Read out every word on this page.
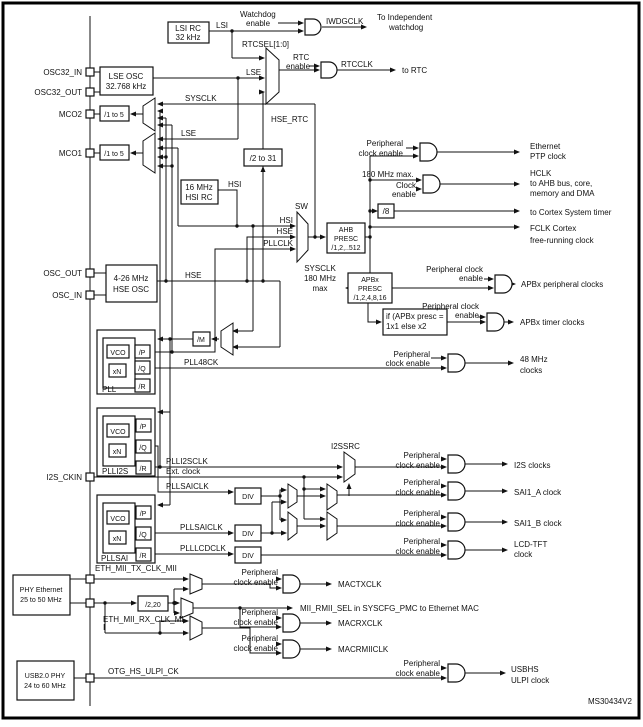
LSI RC
32 kHz
LSE OSC
32.768 kHz
/1 to 5
/1 to 5
16 MHz
HSI RC
4-26 MHz
HSE OSC
/2 to 31
AHB
PRESC
/1,2,..512
APBx
PRESC
/1,2,4,8,16
if (APBx presc =
1x1 else x2
/8
/M
/2,20
DIV
DIV
DIV
VCO
xN
/P
/Q
/R
PLL
VCO
xN
/P
/Q
/R
PLLI2S
VCO
xN
/P
/Q
/R
PLLSAI
PHY Ethernet
25 to 50 MHz
USB2.0 PHY
24 to 60 MHz
OSC32_IN
OSC32_OUT
MCO2
MCO1
OSC_OUT
OSC_IN
I2S_CKIN
LSI
Watchdog
enable	IWDGCLK To Independent
watchdog
RTCSEL[1:0]
LSE
RTC
enable	RTCCLK
to RTC
HSE_RTC
SYSCLK
LSE
HSI
SW
HSI
HSE
PLLCLK
SYSCLK
180 MHz
max
HSE
Peripheral
clock enable
Ethernet
PTP clock
180 MHz max.
Clock
enable
HCLK
to AHB bus, core,
memory and DMA
to Cortex System timer
FCLK Cortex
free-running clock
Peripheral clock
enable
APBx peripheral clocks
Peripheral clock
enable
APBx timer clocks
Peripheral
clock enable	48 MHz
clocks
PLL48CK
PLLI2SCLK
Ext. clock
PLLSAICLK
I2SSRC
Peripheral
clock enable	I2S clocks
Peripheral
clock enable	SAI1_A clock
Peripheral
clock enable	SAI1_B clock
Peripheral
clock enable
LCD-TFT
clock
PLLSAICLK
PLLLCDCLK
ETH_MII_TX_CLK_MII
ETH_MII_RX_CLK_MI
I
Peripheral
clock enable	MACTXCLK
MII_RMII_SEL in SYSCFG_PMC to Ethernet MAC
Peripheral
clock enable	MACRXCLK
Peripheral
clock enable	MACRMIICLK
OTG_HS_ULPI_CK
Peripheral
clock enable	USBHS
ULPI clock
MS30434V2
